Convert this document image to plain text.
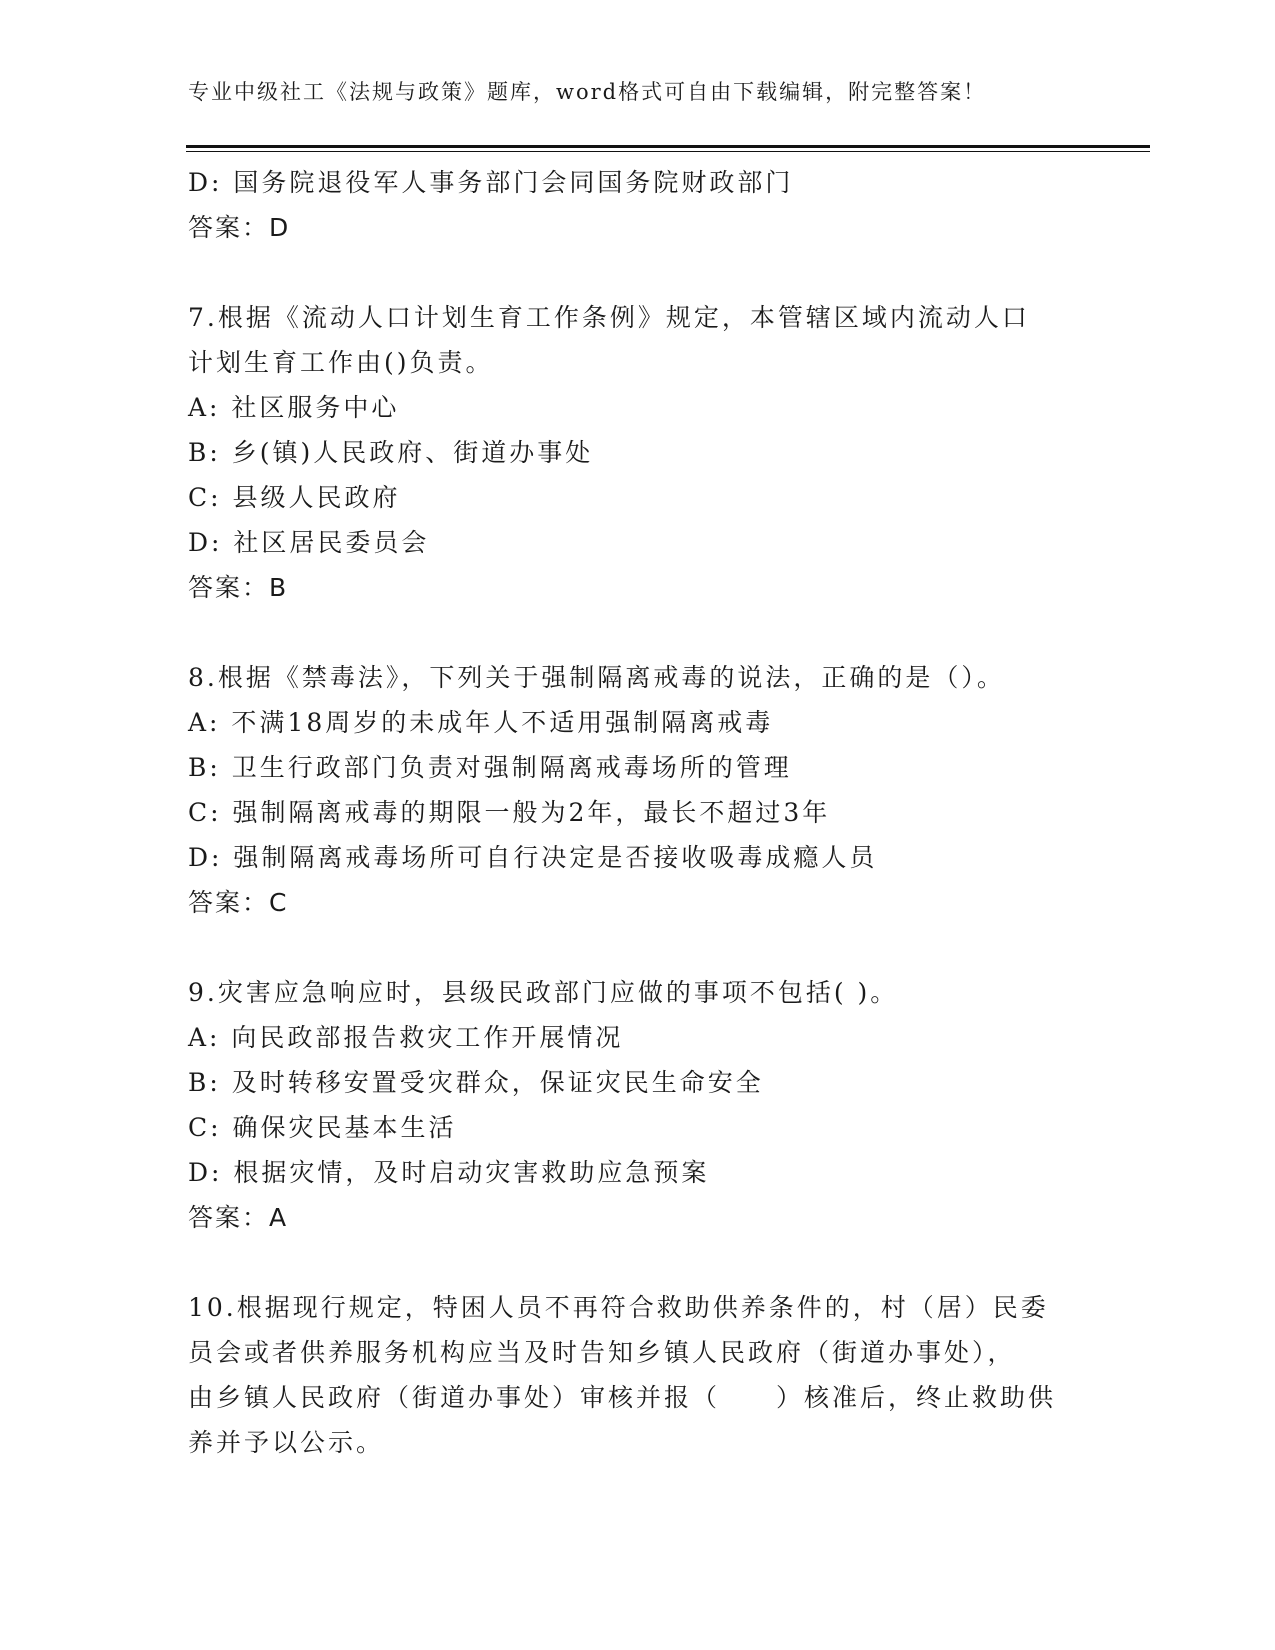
专业中级社工《法规与政策》题库，word格式可自由下载编辑，附完整答案！
D: 国务院退役军人事务部门会同国务院财政部门
答案：D
7.根据《流动人口计划生育工作条例》规定，本管辖区域内流动人口
计划生育工作由()负责。
A: 社区服务中心
B: 乡(镇)人民政府、街道办事处
C: 县级人民政府
D: 社区居民委员会
答案：B
8.根据《禁毒法》，下列关于强制隔离戒毒的说法，正确的是（）。
A: 不满18周岁的未成年人不适用强制隔离戒毒
B: 卫生行政部门负责对强制隔离戒毒场所的管理
C: 强制隔离戒毒的期限一般为2年，最长不超过3年
D: 强制隔离戒毒场所可自行决定是否接收吸毒成瘾人员
答案：C
9.灾害应急响应时，县级民政部门应做的事项不包括( )。
A: 向民政部报告救灾工作开展情况
B: 及时转移安置受灾群众，保证灾民生命安全
C: 确保灾民基本生活
D: 根据灾情，及时启动灾害救助应急预案
答案：A
10.根据现行规定，特困人员不再符合救助供养条件的，村（居）民委
员会或者供养服务机构应当及时告知乡镇人民政府（街道办事处），
由乡镇人民政府（街道办事处）审核并报（　　）核准后，终止救助供
养并予以公示。
